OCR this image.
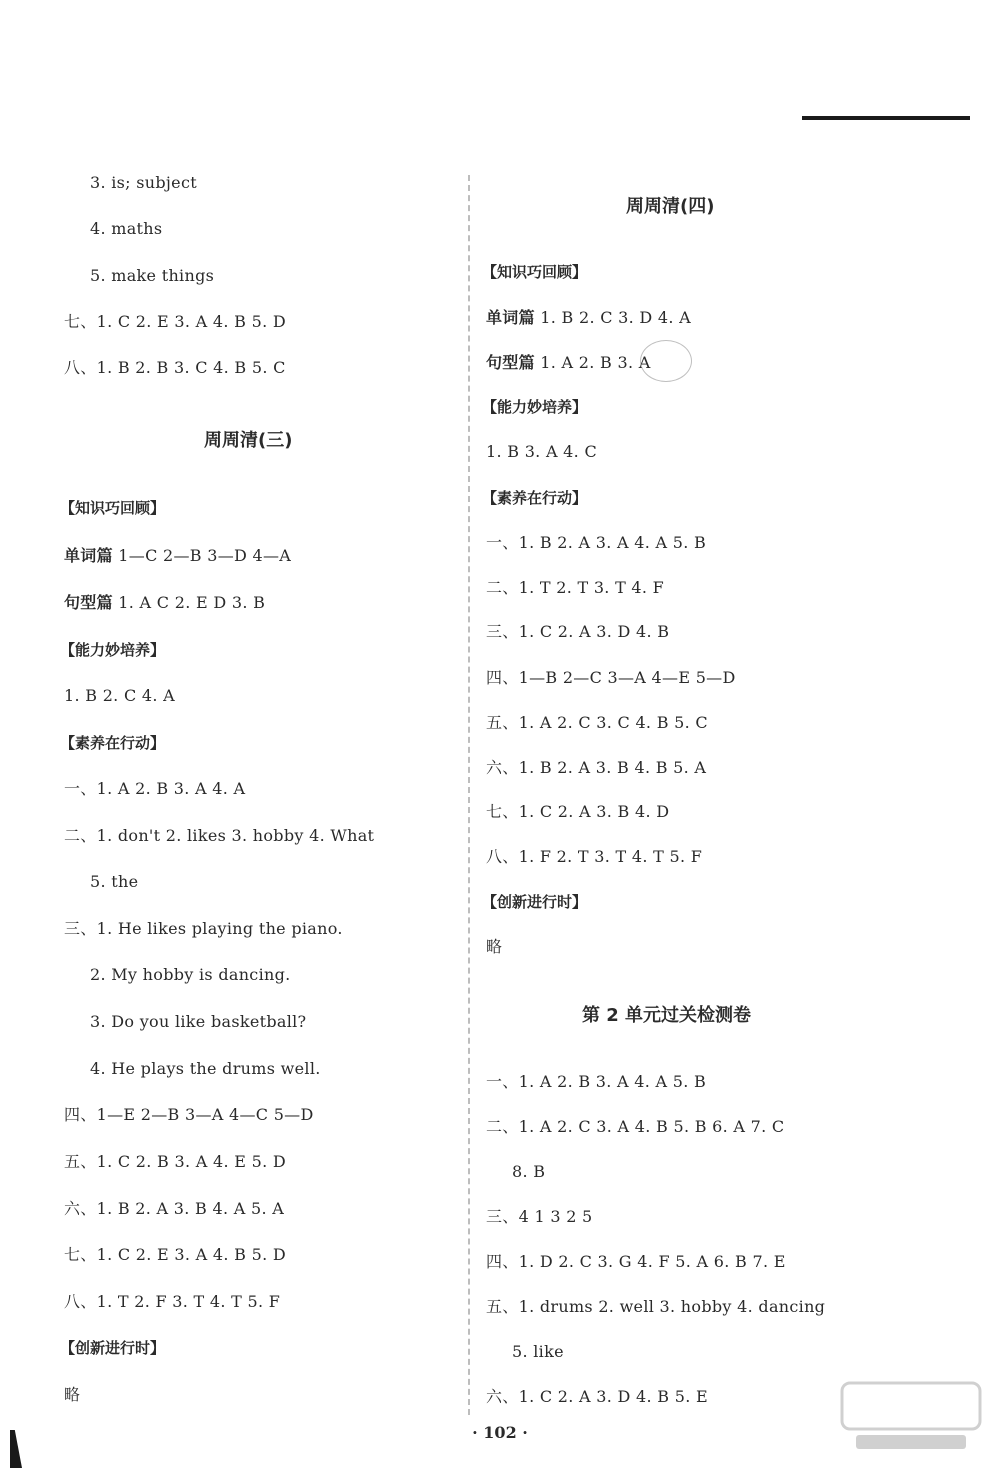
3. is; subject
4. maths
5. make things
七、1. C 2. E 3. A 4. B 5. D
八、1. B 2. B 3. C 4. B 5. C
周周清(三)
【知识巧回顾】
单词篇 1—C 2—B 3—D 4—A
句型篇 1. A C 2. E D 3. B
【能力妙培养】
1. B 2. C 4. A
【素养在行动】
一、1. A 2. B 3. A 4. A
二、1. don't 2. likes 3. hobby 4. What
5. the
三、1. He likes playing the piano.
2. My hobby is dancing.
3. Do you like basketball?
4. He plays the drums well.
四、1—E 2—B 3—A 4—C 5—D
五、1. C 2. B 3. A 4. E 5. D
六、1. B 2. A 3. B 4. A 5. A
七、1. C 2. E 3. A 4. B 5. D
八、1. T 2. F 3. T 4. T 5. F
【创新进行时】
略
周周清(四)
【知识巧回顾】
单词篇 1. B 2. C 3. D 4. A
句型篇 1. A 2. B 3. A
【能力妙培养】
1. B 3. A 4. C
【素养在行动】
一、1. B 2. A 3. A 4. A 5. B
二、1. T 2. T 3. T 4. F
三、1. C 2. A 3. D 4. B
四、1—B 2—C 3—A 4—E 5—D
五、1. A 2. C 3. C 4. B 5. C
六、1. B 2. A 3. B 4. B 5. A
七、1. C 2. A 3. B 4. D
八、1. F 2. T 3. T 4. T 5. F
【创新进行时】
略
第 2 单元过关检测卷
一、1. A 2. B 3. A 4. A 5. B
二、1. A 2. C 3. A 4. B 5. B 6. A 7. C
8. B
三、4 1 3 2 5
四、1. D 2. C 3. G 4. F 5. A 6. B 7. E
五、1. drums 2. well 3. hobby 4. dancing
5. like
六、1. C 2. A 3. D 4. B 5. E
· 102 ·
